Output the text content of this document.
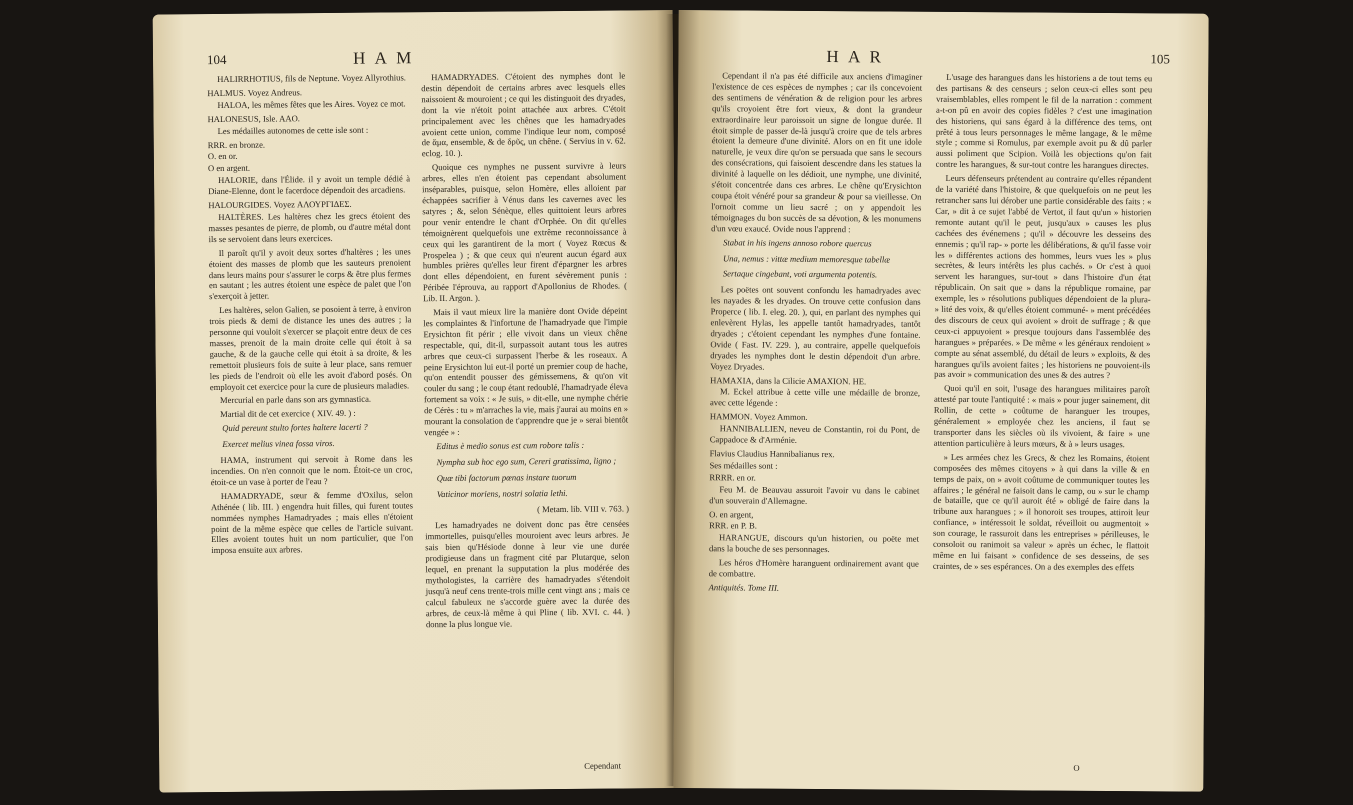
104	H A M

HALIRRHOTIUS, fils de Neptune. Voyez Allyrothius.

HALMUS. Voyez Andreus.

HALOA, les mêmes fêtes que les Aires. Voyez ce mot.

HALONESUS, Isle. AAO.

Les médailles autonomes de cette isle sont :

RRR. en bronze.

O. en or.

O en argent.

HALORIE, dans l'Élide. il y avoit un temple dédié à Diane-Elenne, dont le facerdoce dépendoit des arcadiens.

HALOURGIDES. Voyez ΑΛΟΥΡΓΙΔΕΣ.

HALTÈRES. Les haltères chez les grecs étoient des masses pesantes de pierre, de plomb, ou d'autre métal dont ils se servoient dans leurs exercices.

Il paroît qu'il y avoit deux sortes d'haltères ; les unes étoient des masses de plomb que les sauteurs prenoient dans leurs mains pour s'assurer le corps & être plus fermes en sautant ; les autres étoient une espèce de palet que l'on s'exerçoit à jetter.

Les haltères, selon Galien, se posoient à terre, à environ trois pieds & demi de distance les unes des autres ; la personne qui vouloit s'exercer se plaçoit entre deux de ces masses, prenoit de la main droite celle qui étoit à sa gauche, & de la gauche celle qui étoit à sa droite, & les remettoit plusieurs fois de suite à leur place, sans remuer les pieds de l'endroit où elle les avoit d'abord posés. On employoit cet exercice pour la cure de plusieurs maladies.

Mercurial en parle dans son ars gymnastica.

Martial dit de cet exercice ( XIV. 49. ) :

Quid pereunt stulto fortes haltere lacerti ?

Exercet melius vinea fossa viros.

HAMA, instrument qui servoit à Rome dans les incendies. On n'en connoit que le nom. Étoit-ce un croc, étoit-ce un vase à porter de l'eau ?

HAMADRYADE, sœur & femme d'Oxilus, selon Athénée ( lib. III. ) engendra huit filles, qui furent toutes nommées nymphes Hamadryades ; mais elles n'étoient point de la même espèce que celles de l'article suivant. Elles avoient toutes huit un nom particulier, que l'on imposa ensuite aux arbres.

HAMADRYADES. C'étoient des nymphes dont le destin dépendoit de certains arbres avec lesquels elles naissoient & mouroient ; ce qui les distinguoit des dryades, dont la vie n'étoit point attachée aux arbres. C'étoit principalement avec les chênes que les hamadryades avoient cette union, comme l'indique leur nom, composé de ἅμα, ensemble, & de δρῦς, un chêne. ( Servius in v. 62. eclog. 10. ).

Quoique ces nymphes ne pussent survivre à leurs arbres, elles n'en étoient pas cependant absolument inséparables, puisque, selon Homère, elles alloient par échappées sacrifier à Vénus dans les cavernes avec les satyres ; &, selon Sénèque, elles quittoient leurs arbres pour venir entendre le chant d'Orphée. On dit qu'elles témoignèrent quelquefois une extrême reconnoissance à ceux qui les garantirent de la mort ( Voyez Rœcus & Prospelea ) ; & que ceux qui n'eurent aucun égard aux humbles prières qu'elles leur firent d'épargner les arbres dont elles dépendoient, en furent sévèrement punis : Péribée l'éprouva, au rapport d'Apollonius de Rhodes. ( Lib. II. Argon. ).

Mais il vaut mieux lire la manière dont Ovide dépeint les complaintes & l'infortune de l'hamadryade que l'impie Erysichton fit périr ; elle vivoit dans un vieux chêne respectable, qui, dit-il, surpassoit autant tous les autres arbres que ceux-ci surpassent l'herbe & les roseaux. A peine Erysichton lui eut-il porté un premier coup de hache, qu'on entendit pousser des gémissemens, & qu'on vit couler du sang ; le coup étant redoublé, l'hamadryade éleva fortement sa voix : « Je suis, » dit-elle, une nymphe chérie de Cérès : tu » m'arraches la vie, mais j'aurai au moins en » mourant la consolation de t'apprendre que je » serai bientôt vengée » :

Editus è medio sonus est cum robore talis :

Nympha sub hoc ego sum, Cereri gratissima, ligno ;

Quæ tibi factorum pœnas instare tuorum

Vaticinor moriens, nostri solatia lethi.

( Metam. lib. VIII v. 763. )

Les hamadryades ne doivent donc pas être censées immortelles, puisqu'elles mouroient avec leurs arbres. Je sais bien qu'Hésiode donne à leur vie une durée prodigieuse dans un fragment cité par Plutarque, selon lequel, en prenant la supputation la plus modérée des mythologistes, la carrière des hamadryades s'étendoit jusqu'à neuf cens trente-trois mille cent vingt ans ; mais ce calcul fabuleux ne s'accorde guère avec la durée des arbres, de ceux-là même à qui Pline ( lib. XVI. c. 44. ) donne la plus longue vie.

Cependant
H A R	105

Cependant il n'a pas été difficile aux anciens d'imaginer l'existence de ces espèces de nymphes ; car ils concevoient des sentimens de vénération & de religion pour les arbres qu'ils croyoient être fort vieux, & dont la grandeur extraordinaire leur paroissoit un signe de longue durée. Il étoit simple de passer de-là jusqu'à croire que de tels arbres étoient la demeure d'une divinité. Alors on en fit une idole naturelle, je veux dire qu'on se persuada que sans le secours des consécrations, qui faisoient descendre dans les statues la divinité à laquelle on les dédioit, une nymphe, une divinité, s'étoit concentrée dans ces arbres. Le chêne qu'Erysichton coupa étoit vénéré pour sa grandeur & pour sa vieillesse. On l'ornoit comme un lieu sacré ; on y appendoit les témoignages du bon succès de sa dévotion, & les monumens d'un vœu exaucé. Ovide nous l'apprend :

Stabat in his ingens annoso robore quercus

Una, nemus : vittæ medium memoresque tabellæ

Sertaque cingebant, voti argumenta potentis.

Les poëtes ont souvent confondu les hamadryades avec les nayades & les dryades. On trouve cette confusion dans Properce ( lib. I. eleg. 20. ), qui, en parlant des nymphes qui enlevèrent Hylas, les appelle tantôt hamadryades, tantôt dryades ; c'étoient cependant les nymphes d'une fontaine. Ovide ( Fast. IV. 229. ), au contraire, appelle quelquefois dryades les nymphes dont le destin dépendoit d'un arbre. Voyez Dryades.

HAMAXIA, dans la Cilicie AMAXION. HE.

M. Eckel attribue à cette ville une médaille de bronze, avec cette légende :

HAMMON. Voyez Ammon.

HANNIBALLIEN, neveu de Constantin, roi du Pont, de Cappadoce & d'Arménie.

Flavius Claudius Hannibalianus rex.

Ses médailles sont :

RRRR. en or.

Feu M. de Beauvau assuroit l'avoir vu dans le cabinet d'un souverain d'Allemagne.

O. en argent,

RRR. en P. B.

HARANGUE, discours qu'un historien, ou poëte met dans la bouche de ses personnages.

Les héros d'Homère haranguent ordinairement avant que de combattre.

Antiquités. Tome III.

L'usage des harangues dans les historiens a de tout tems eu des partisans & des censeurs ; selon ceux-ci elles sont peu vraisemblables, elles rompent le fil de la narration : comment a-t-on pû en avoir des copies fidèles ? c'est une imagination des historiens, qui sans égard à la différence des tems, ont prêté à tous leurs personnages le même langage, & le même style ; comme si Romulus, par exemple avoit pu & dû parler aussi poliment que Scipion. Voilà les objections qu'on fait contre les harangues, & sur-tout contre les harangues directes.

Leurs défenseurs prétendent au contraire qu'elles répandent de la variété dans l'histoire, & que quelquefois on ne peut les retrancher sans lui dérober une partie considérable des faits : « Car, » dit à ce sujet l'abbé de Vertot, il faut qu'un » historien remonte autant qu'il le peut, jusqu'aux » causes les plus cachées des événemens ; qu'il » découvre les desseins des ennemis ; qu'il rap- » porte les délibérations, & qu'il fasse voir les » différentes actions des hommes, leurs vues les » plus secrètes, & leurs intérêts les plus cachés. » Or c'est à quoi servent les harangues, sur-tout » dans l'histoire d'un état républicain. On sait que » dans la république romaine, par exemple, les » résolutions publiques dépendoient de la plura- » lité des voix, & qu'elles étoient communé- » ment précédées des discours de ceux qui avoient » droit de suffrage ; & que ceux-ci appuyoient » presque toujours dans l'assemblée des harangues » préparées. » De même « les généraux rendoient » compte au sénat assemblé, du détail de leurs » exploits, & des harangues qu'ils avoient faites ; les historiens ne pouvoient-ils pas avoir » communication des unes & des autres ?

Quoi qu'il en soit, l'usage des harangues militaires paroît attesté par toute l'antiquité : « mais » pour juger sainement, dit Rollin, de cette » coûtume de haranguer les troupes, généralement » employée chez les anciens, il faut se transporter dans les siècles où ils vivoient, & faire » une attention particulière à leurs mœurs, & à » leurs usages.

» Les armées chez les Grecs, & chez les Romains, étoient composées des mêmes citoyens » à qui dans la ville & en temps de paix, on » avoit coûtume de communiquer toutes les affaires ; le général ne faisoit dans le camp, ou » sur le champ de bataille, que ce qu'il auroit été » obligé de faire dans la tribune aux harangues ; » il honoroit ses troupes, attiroit leur confiance, » intéressoit le soldat, réveilloit ou augmentoit » son courage, le rassuroit dans les entreprises » périlleuses, le consoloit ou ranimoit sa valeur » après un échec, le flattoit même en lui faisant » confidence de ses desseins, de ses craintes, de » ses espérances. On a des exemples des effets

O
